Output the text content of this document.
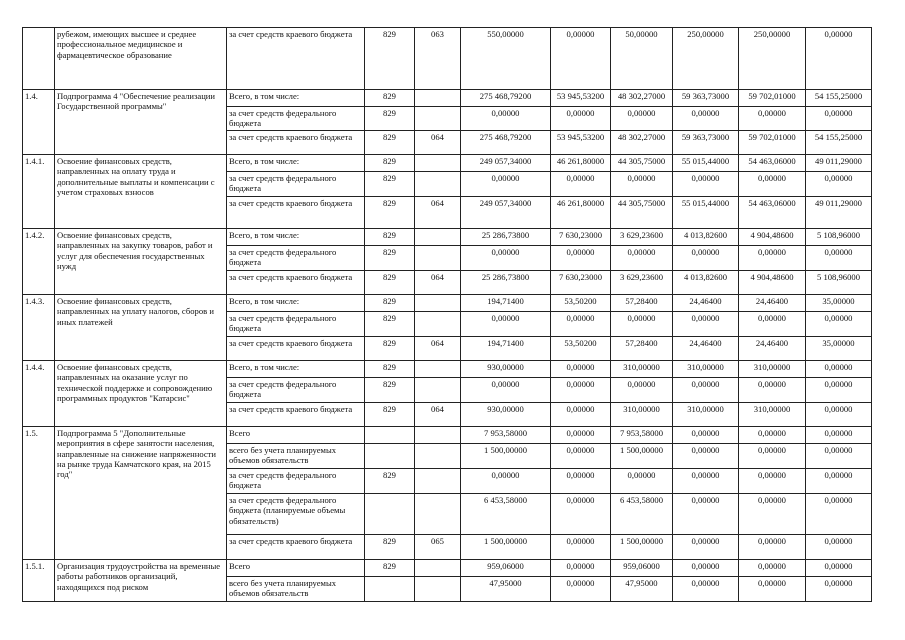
	рубежом, имеющих высшее и среднее профессиональное медицинское и фармацевтическое образование	за счет средств краевого бюджета	829	063	550,00000	0,00000	50,00000	250,00000	250,00000	0,00000
1.4.	Подпрограмма 4 "Обеспечение реализации Государственной программы"	Всего, в том числе:	829		275 468,79200	53 945,53200	48 302,27000	59 363,73000	59 702,01000	54 155,25000
		за счет средств федерального бюджета	829		0,00000	0,00000	0,00000	0,00000	0,00000	0,00000
		за счет средств краевого бюджета	829	064	275 468,79200	53 945,53200	48 302,27000	59 363,73000	59 702,01000	54 155,25000
1.4.1.	Освоение финансовых средств, направленных на оплату труда и дополнительные выплаты и компенсации с учетом страховых взносов	Всего, в том числе:	829		249 057,34000	46 261,80000	44 305,75000	55 015,44000	54 463,06000	49 011,29000
		за счет средств федерального бюджета	829		0,00000	0,00000	0,00000	0,00000	0,00000	0,00000
		за счет средств краевого бюджета	829	064	249 057,34000	46 261,80000	44 305,75000	55 015,44000	54 463,06000	49 011,29000
1.4.2.	Освоение финансовых средств, направленных на закупку товаров, работ и услуг для обеспечения государственных нужд	Всего, в том числе:	829		25 286,73800	7 630,23000	3 629,23600	4 013,82600	4 904,48600	5 108,96000
		за счет средств федерального бюджета	829		0,00000	0,00000	0,00000	0,00000	0,00000	0,00000
		за счет средств краевого бюджета	829	064	25 286,73800	7 630,23000	3 629,23600	4 013,82600	4 904,48600	5 108,96000
1.4.3.	Освоение финансовых средств, направленных на уплату налогов, сборов и иных платежей	Всего, в том числе:	829		194,71400	53,50200	57,28400	24,46400	24,46400	35,00000
		за счет средств федерального бюджета	829		0,00000	0,00000	0,00000	0,00000	0,00000	0,00000
		за счет средств краевого бюджета	829	064	194,71400	53,50200	57,28400	24,46400	24,46400	35,00000
1.4.4.	Освоение финансовых средств, направленных на оказание услуг по технической поддержке и сопровождению программных продуктов "Катарсис"	Всего, в том числе:	829		930,00000	0,00000	310,00000	310,00000	310,00000	0,00000
		за счет средств федерального бюджета	829		0,00000	0,00000	0,00000	0,00000	0,00000	0,00000
		за счет средств краевого бюджета	829	064	930,00000	0,00000	310,00000	310,00000	310,00000	0,00000
1.5.	Подпрограмма 5 "Дополнительные мероприятия в сфере занятости населения, направленные на снижение напряженности на рынке труда Камчатского края, на 2015 год"	Всего			7 953,58000	0,00000	7 953,58000	0,00000	0,00000	0,00000
		всего без учета планируемых объемов обязательств			1 500,00000	0,00000	1 500,00000	0,00000	0,00000	0,00000
		за счет средств федерального бюджета	829		0,00000	0,00000	0,00000	0,00000	0,00000	0,00000
		за счет средств федерального бюджета (планируемые объемы обязательств)			6 453,58000	0,00000	6 453,58000	0,00000	0,00000	0,00000
		за счет средств краевого бюджета	829	065	1 500,00000	0,00000	1 500,00000	0,00000	0,00000	0,00000
1.5.1.	Организация трудоустройства на временные работы работников организаций, находящихся под риском	Всего	829		959,06000	0,00000	959,06000	0,00000	0,00000	0,00000
		всего без учета планируемых объемов обязательств			47,95000	0,00000	47,95000	0,00000	0,00000	0,00000
